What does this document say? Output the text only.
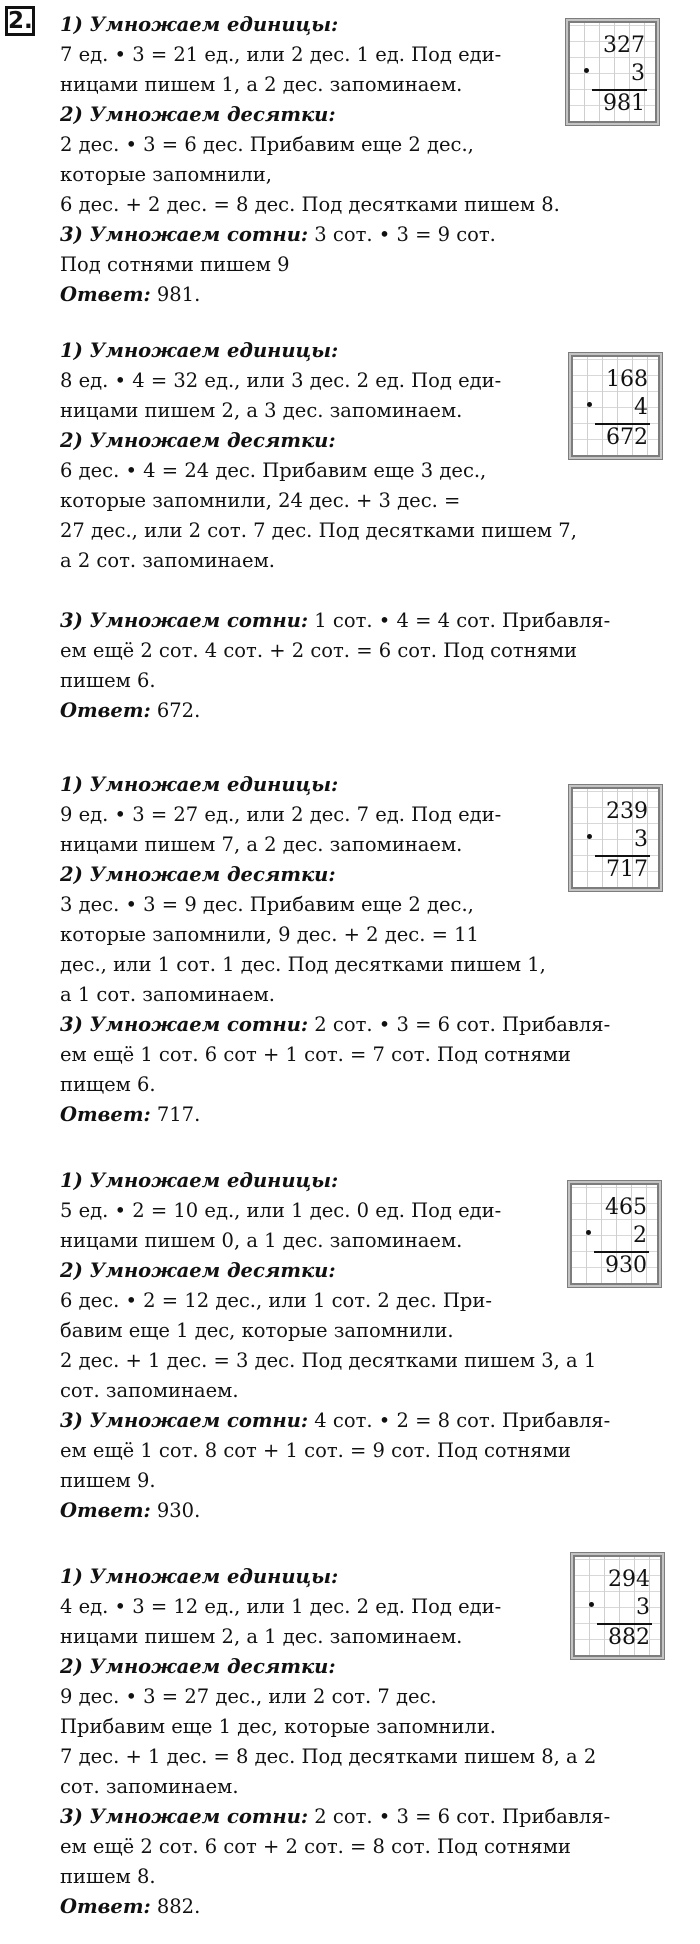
2. 1) Умножаем единицы:
7 ед. • 3 = 21 ед., или 2 дес. 1 ед. Под еди-
ницами пишем 1, а 2 дес. запоминаем.
2) Умножаем десятки:
2 дес. • 3 = 6 дес. Прибавим еще 2 дес.,
которые запомнили,
6 дес. + 2 дес. = 8 дес. Под десятками пишем 8.
3) Умножаем сотни: 3 сот. • 3 = 9 сот.
Под сотнями пишем 9
Ответ: 981.
327
3
981
1) Умножаем единицы:
8 ед. • 4 = 32 ед., или 3 дес. 2 ед. Под еди-
ницами пишем 2, а 3 дес. запоминаем.
2) Умножаем десятки:
6 дес. • 4 = 24 дес. Прибавим еще 3 дес.,
которые запомнили, 24 дес. + 3 дес. =
27 дес., или 2 сот. 7 дес. Под десятками пишем 7,
а 2 сот. запоминаем.
3) Умножаем сотни: 1 сот. • 4 = 4 сот. Прибавля-
ем ещё 2 сот. 4 сот. + 2 сот. = 6 сот. Под сотнями
пишем 6.
Ответ: 672.
168
4
672
1) Умножаем единицы:
9 ед. • 3 = 27 ед., или 2 дес. 7 ед. Под еди-
ницами пишем 7, а 2 дес. запоминаем.
2) Умножаем десятки:
3 дес. • 3 = 9 дес. Прибавим еще 2 дес.,
которые запомнили, 9 дес. + 2 дес. = 11
дес., или 1 сот. 1 дес. Под десятками пишем 1,
а 1 сот. запоминаем.
3) Умножаем сотни: 2 сот. • 3 = 6 сот. Прибавля-
ем ещё 1 сот. 6 сот + 1 сот. = 7 сот. Под сотнями
пищем 6.
Ответ: 717.
239
3
717
1) Умножаем единицы:
5 ед. • 2 = 10 ед., или 1 дес. 0 ед. Под еди-
ницами пишем 0, а 1 дес. запоминаем.
2) Умножаем десятки:
6 дес. • 2 = 12 дес., или 1 сот. 2 дес. При-
бавим еще 1 дес, которые запомнили.
2 дес. + 1 дес. = 3 дес. Под десятками пишем 3, а 1
сот. запоминаем.
3) Умножаем сотни: 4 сот. • 2 = 8 сот. Прибавля-
ем ещё 1 сот. 8 сот + 1 сот. = 9 сот. Под сотнями
пишем 9.
Ответ: 930.
465
2
930
1) Умножаем единицы:
4 ед. • 3 = 12 ед., или 1 дес. 2 ед. Под еди-
ницами пишем 2, а 1 дес. запоминаем.
2) Умножаем десятки:
9 дес. • 3 = 27 дес., или 2 сот. 7 дес.
Прибавим еще 1 дес, которые запомнили.
7 дес. + 1 дес. = 8 дес. Под десятками пишем 8, а 2
сот. запоминаем.
3) Умножаем сотни: 2 сот. • 3 = 6 сот. Прибавля-
ем ещё 2 сот. 6 сот + 2 сот. = 8 сот. Под сотнями
пишем 8.
Ответ: 882.
294
3
882
